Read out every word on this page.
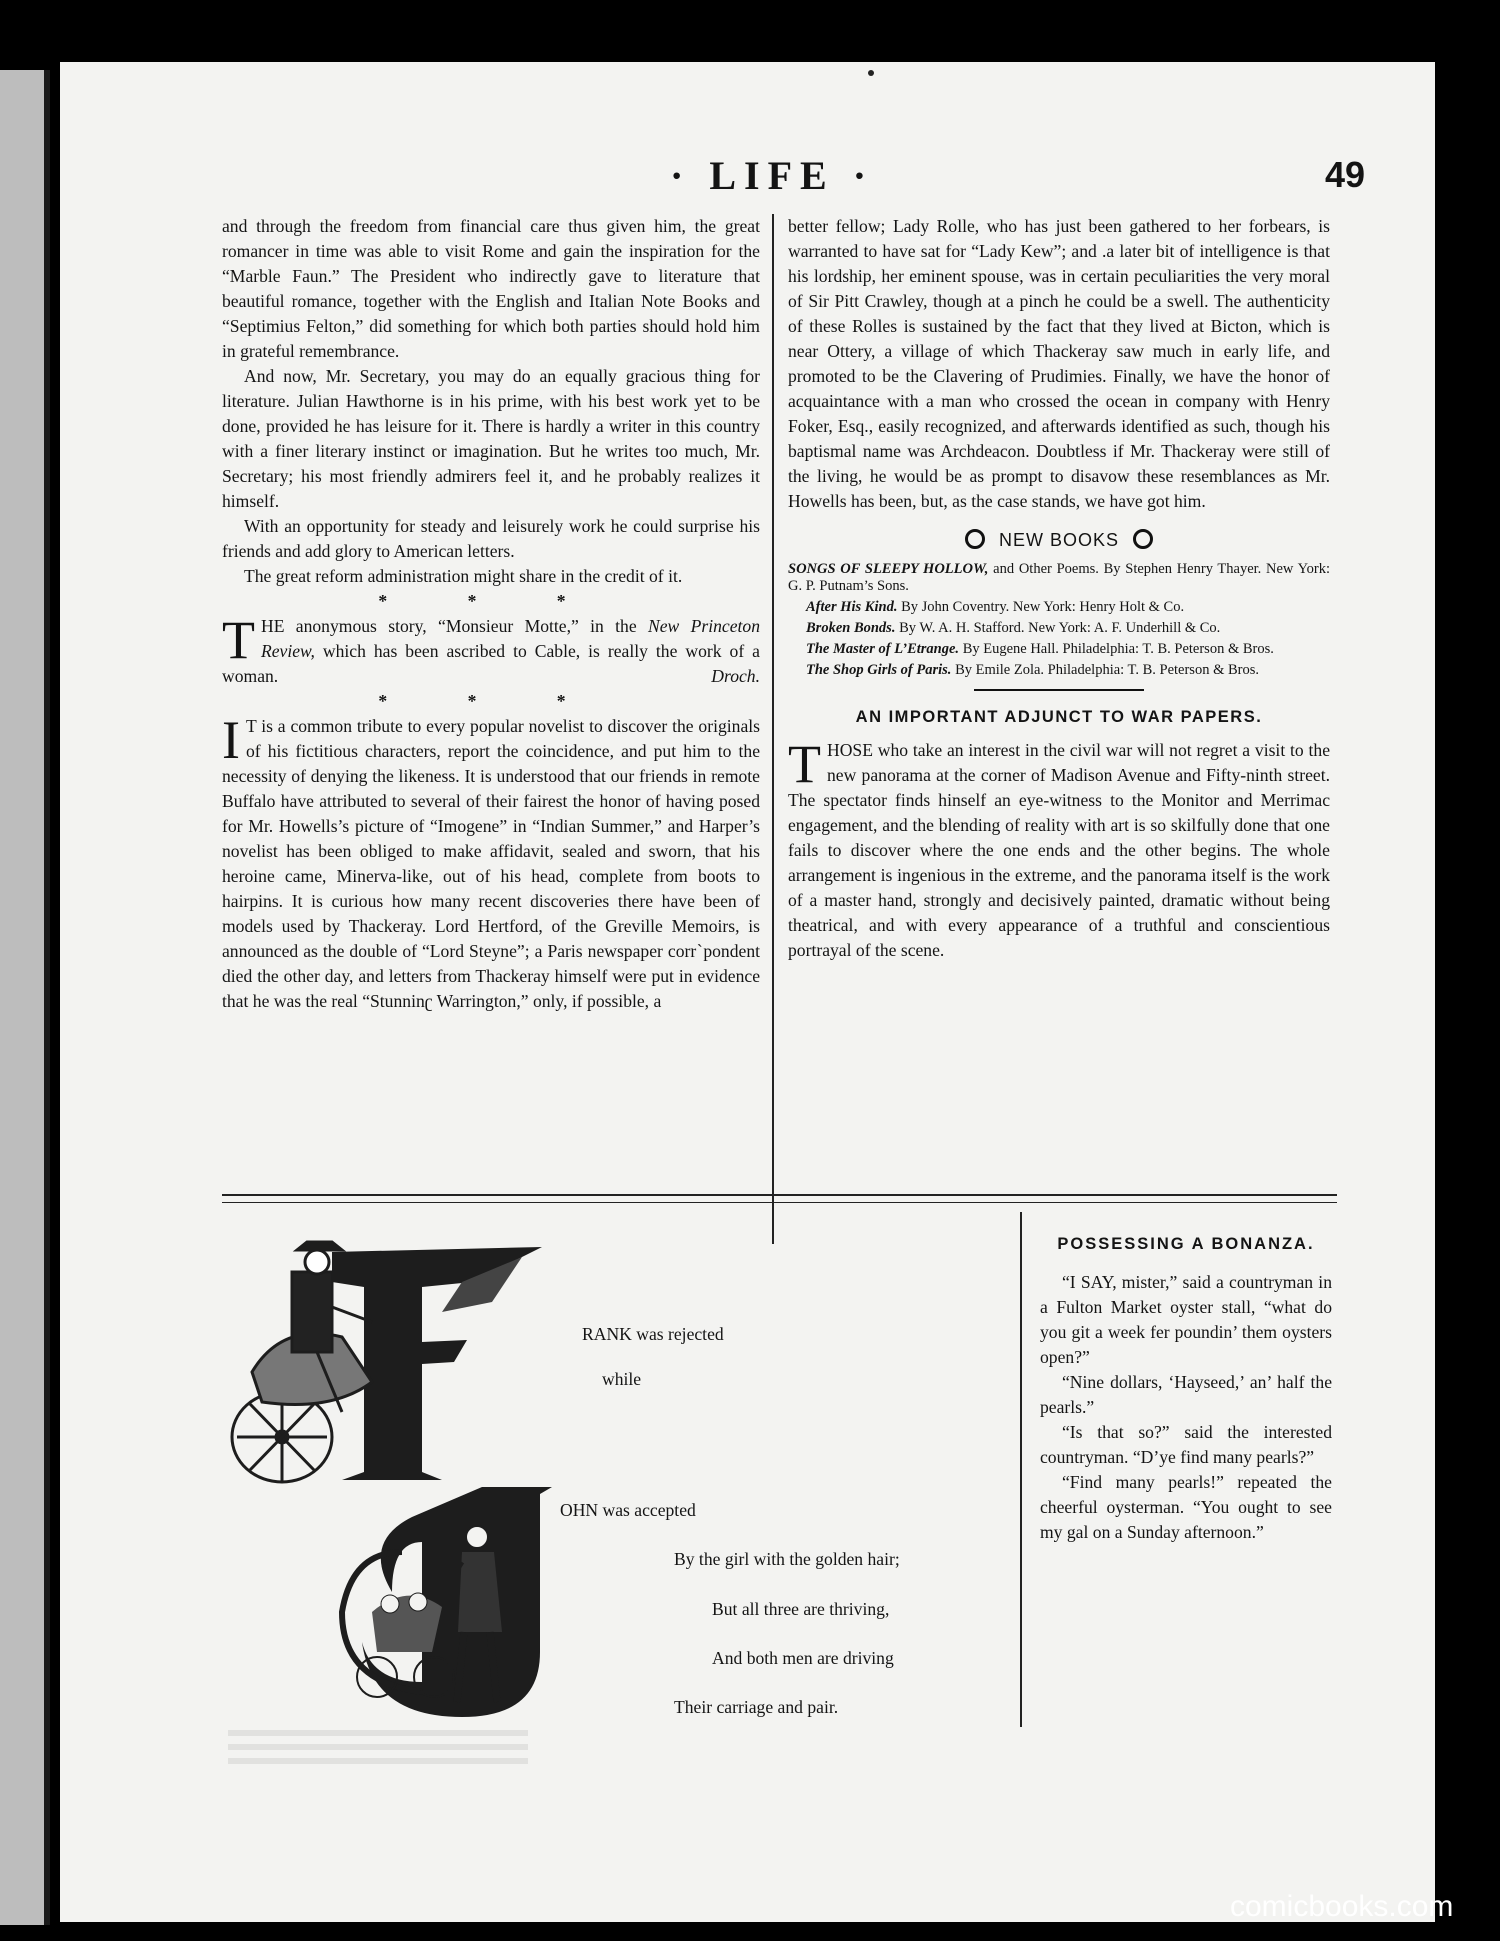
· LIFE ·	49

and through the freedom from financial care thus given him, the great romancer in time was able to visit Rome and gain the inspiration for the “Marble Faun.” The President who indirectly gave to literature that beautiful romance, together with the English and Italian Note Books and “Septimius Felton,” did something for which both parties should hold him in grateful remembrance.

And now, Mr. Secretary, you may do an equally gracious thing for literature. Julian Hawthorne is in his prime, with his best work yet to be done, provided he has leisure for it. There is hardly a writer in this country with a finer literary instinct or imagination. But he writes too much, Mr. Secretary; his most friendly admirers feel it, and he probably realizes it himself.

With an opportunity for steady and leisurely work he could surprise his friends and add glory to American letters.

The great reform administration might share in the credit of it.

* * *

THE anonymous story, “Monsieur Motte,” in the New Princeton Review, which has been ascribed to Cable, is really the work of a woman.	Droch.

* * *

I T is a common tribute to every popular novelist to discover the originals of his fictitious characters, report the coincidence, and put him to the necessity of denying the likeness. It is understood that our friends in remote Buffalo have attributed to several of their fairest the honor of having posed for Mr. Howells’s picture of “Imogene” in “Indian Summer,” and Harper’s novelist has been obliged to make affidavit, sealed and sworn, that his heroine came, Minerva-like, out of his head, complete from boots to hairpins. It is curious how many recent discoveries there have been of models used by Thackeray. Lord Hertford, of the Greville Memoirs, is announced as the double of “Lord Steyne”; a Paris newspaper corrˋpondent died the other day, and letters from Thackeray himself were put in evidence that he was the real “Stunninʗ Warrington,” only, if possible, a

better fellow; Lady Rolle, who has just been gathered to her forbears, is warranted to have sat for “Lady Kew”; and .a later bit of intelligence is that his lordship, her eminent spouse, was in certain peculiarities the very moral of Sir Pitt Crawley, though at a pinch he could be a swell. The authenticity of these Rolles is sustained by the fact that they lived at Bicton, which is near Ottery, a village of which Thackeray saw much in early life, and promoted to be the Clavering of Prudimies. Finally, we have the honor of acquaintance with a man who crossed the ocean in company with Henry Foker, Esq., easily recognized, and afterwards identified as such, though his baptismal name was Archdeacon. Doubtless if Mr. Thackeray were still of the living, he would be as prompt to disavow these resemblances as Mr. Howells has been, but, as the case stands, we have got him.

NEW BOOKS

SONGS OF SLEEPY HOLLOW, and Other Poems. By Stephen Henry Thayer. New York: G. P. Putnam’s Sons.

After His Kind. By John Coventry. New York: Henry Holt & Co.

Broken Bonds. By W. A. H. Stafford. New York: A. F. Underhill & Co.

The Master of L’Etrange. By Eugene Hall. Philadelphia: T. B. Peterson & Bros.

The Shop Girls of Paris. By Emile Zola. Philadelphia: T. B. Peterson & Bros.

AN IMPORTANT ADJUNCT TO WAR PAPERS.

THOSE who take an interest in the civil war will not regret a visit to the new panorama at the corner of Madison Avenue and Fifty-ninth street. The spectator finds hinself an eye-witness to the Monitor and Merrimac engagement, and the blending of reality with art is so skilfully done that one fails to discover where the one ends and the other begins. The whole arrangement is ingenious in the extreme, and the panorama itself is the work of a master hand, strongly and decisively painted, dramatic without being theatrical, and with every appearance of a truthful and conscientious portrayal of the scene.

RANK was rejected
while
OHN was accepted
By the girl with the golden hair;
But all three are thriving,
And both men are driving
Their carriage and pair.
POSSESSING A BONANZA.

“I SAY, mister,” said a countryman in a Fulton Market oyster stall, “what do you git a week fer poundin’ them oysters open?”

“Nine dollars, ‘Hayseed,’ an’ half the pearls.”

“Is that so?” said the interested countryman. “D’ye find many pearls?”

“Find many pearls!” repeated the cheerful oysterman. “You ought to see my gal on a Sunday afternoon.”

comicbooks.com
